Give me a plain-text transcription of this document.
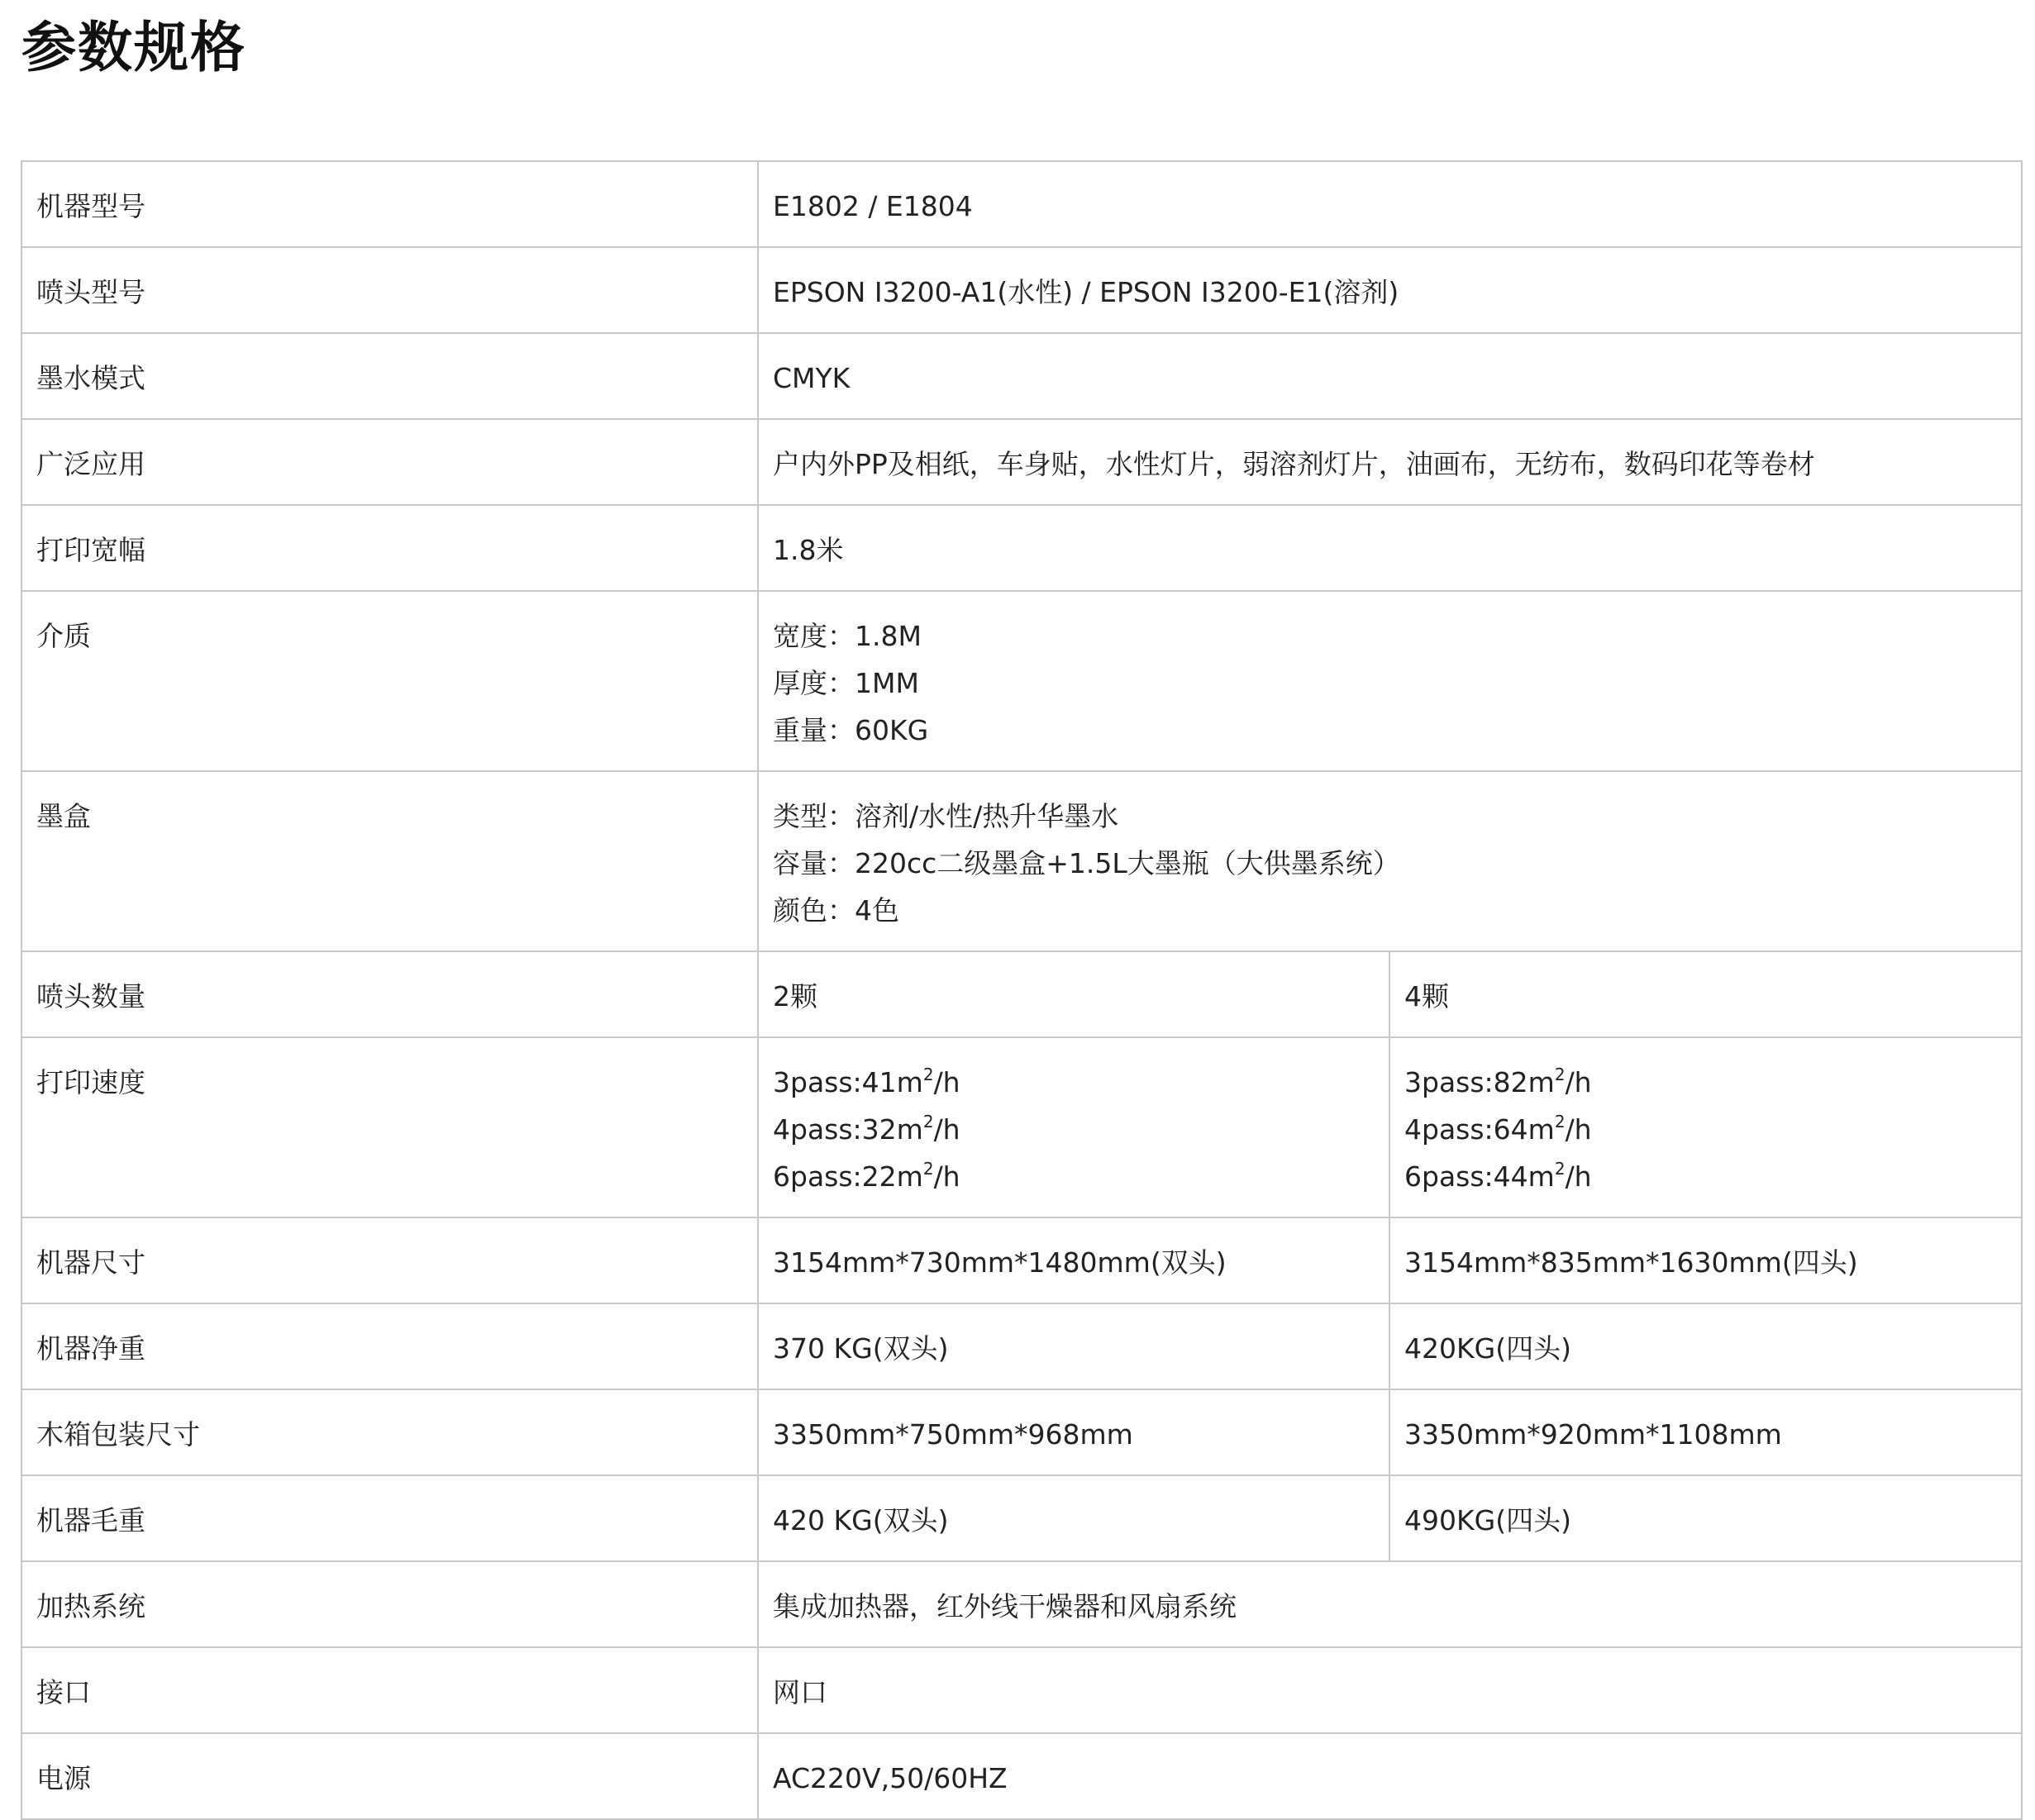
参数规格
机器型号	E1802 / E1804	
喷头型号	EPSON I3200-A1(水性) / EPSON I3200-E1(溶剂)	
墨水模式	CMYK	
广泛应用	户内外PP及相纸，车身贴，水性灯片，弱溶剂灯片，油画布，无纺布，数码印花等卷材	
打印宽幅	1.8米	
介质	宽度：1.8M
厚度：1MM
重量：60KG	

墨盒	类型：溶剂/水性/热升华墨水
容量：220cc二级墨盒+1.5L大墨瓶（大供墨系统）
颜色：4色	

喷头数量	2颗	4颗
打印速度	$3pass:41m^2/h$
$4pass:32m^2/h$
$6pass:22m^2/h$	$3pass:82m^2/h$
$4pass:64m^2/h$
$6pass:44m^2/h$

机器尺寸	3154mm*730mm*1480mm(双头)	3154mm*835mm*1630mm(四头)
机器净重	370 KG(双头)	420KG(四头)
木箱包装尺寸	3350mm*750mm*968mm	3350mm*920mm*1108mm
机器毛重	420 KG(双头)	490KG(四头)
加热系统	集成加热器，红外线干燥器和风扇系统	
接口	网口	
电源	AC220V,50/60HZ	
